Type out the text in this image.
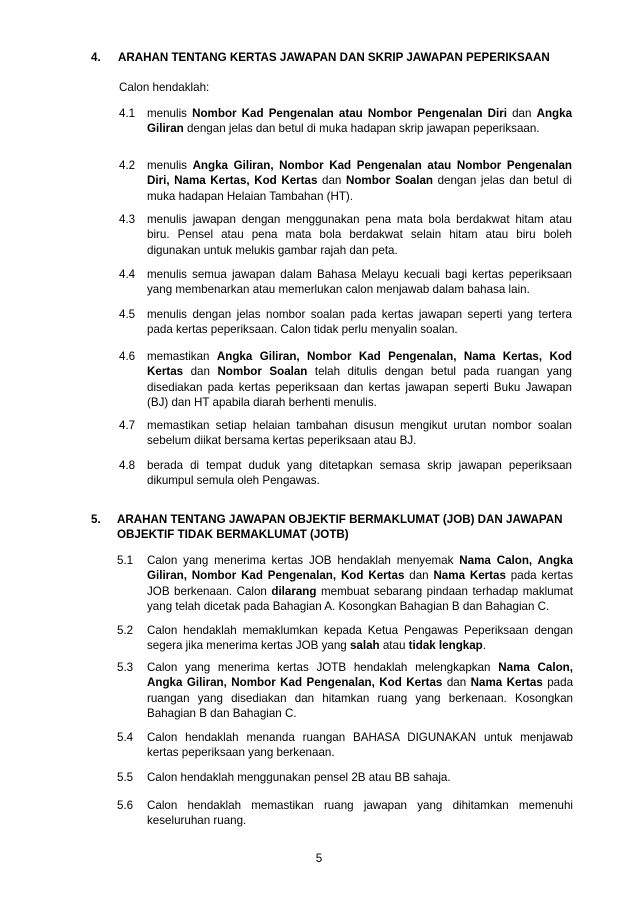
4. ARAHAN TENTANG KERTAS JAWAPAN DAN SKRIP JAWAPAN PEPERIKSAAN
Calon hendaklah:
4.1 menulis Nombor Kad Pengenalan atau Nombor Pengenalan Diri dan Angka Giliran dengan jelas dan betul di muka hadapan skrip jawapan peperiksaan.
4.2 menulis Angka Giliran, Nombor Kad Pengenalan atau Nombor Pengenalan Diri, Nama Kertas, Kod Kertas dan Nombor Soalan dengan jelas dan betul di muka hadapan Helaian Tambahan (HT).
4.3 menulis jawapan dengan menggunakan pena mata bola berdakwat hitam atau biru. Pensel atau pena mata bola berdakwat selain hitam atau biru boleh digunakan untuk melukis gambar rajah dan peta.
4.4 menulis semua jawapan dalam Bahasa Melayu kecuali bagi kertas peperiksaan yang membenarkan atau memerlukan calon menjawab dalam bahasa lain.
4.5 menulis dengan jelas nombor soalan pada kertas jawapan seperti yang tertera pada kertas peperiksaan. Calon tidak perlu menyalin soalan.
4.6 memastikan Angka Giliran, Nombor Kad Pengenalan, Nama Kertas, Kod Kertas dan Nombor Soalan telah ditulis dengan betul pada ruangan yang disediakan pada kertas peperiksaan dan kertas jawapan seperti Buku Jawapan (BJ) dan HT apabila diarah berhenti menulis.
4.7 memastikan setiap helaian tambahan disusun mengikut urutan nombor soalan sebelum diikat bersama kertas peperiksaan atau BJ.
4.8 berada di tempat duduk yang ditetapkan semasa skrip jawapan peperiksaan dikumpul semula oleh Pengawas.
5. ARAHAN TENTANG JAWAPAN OBJEKTIF BERMAKLUMAT (JOB) DAN JAWAPAN OBJEKTIF TIDAK BERMAKLUMAT (JOTB)
5.1 Calon yang menerima kertas JOB hendaklah menyemak Nama Calon, Angka Giliran, Nombor Kad Pengenalan, Kod Kertas dan Nama Kertas pada kertas JOB berkenaan. Calon dilarang membuat sebarang pindaan terhadap maklumat yang telah dicetak pada Bahagian A. Kosongkan Bahagian B dan Bahagian C.
5.2 Calon hendaklah memaklumkan kepada Ketua Pengawas Peperiksaan dengan segera jika menerima kertas JOB yang salah atau tidak lengkap.
5.3 Calon yang menerima kertas JOTB hendaklah melengkapkan Nama Calon, Angka Giliran, Nombor Kad Pengenalan, Kod Kertas dan Nama Kertas pada ruangan yang disediakan dan hitamkan ruang yang berkenaan. Kosongkan Bahagian B dan Bahagian C.
5.4 Calon hendaklah menanda ruangan BAHASA DIGUNAKAN untuk menjawab kertas peperiksaan yang berkenaan.
5.5 Calon hendaklah menggunakan pensel 2B atau BB sahaja.
5.6 Calon hendaklah memastikan ruang jawapan yang dihitamkan memenuhi keseluruhan ruang.
5
